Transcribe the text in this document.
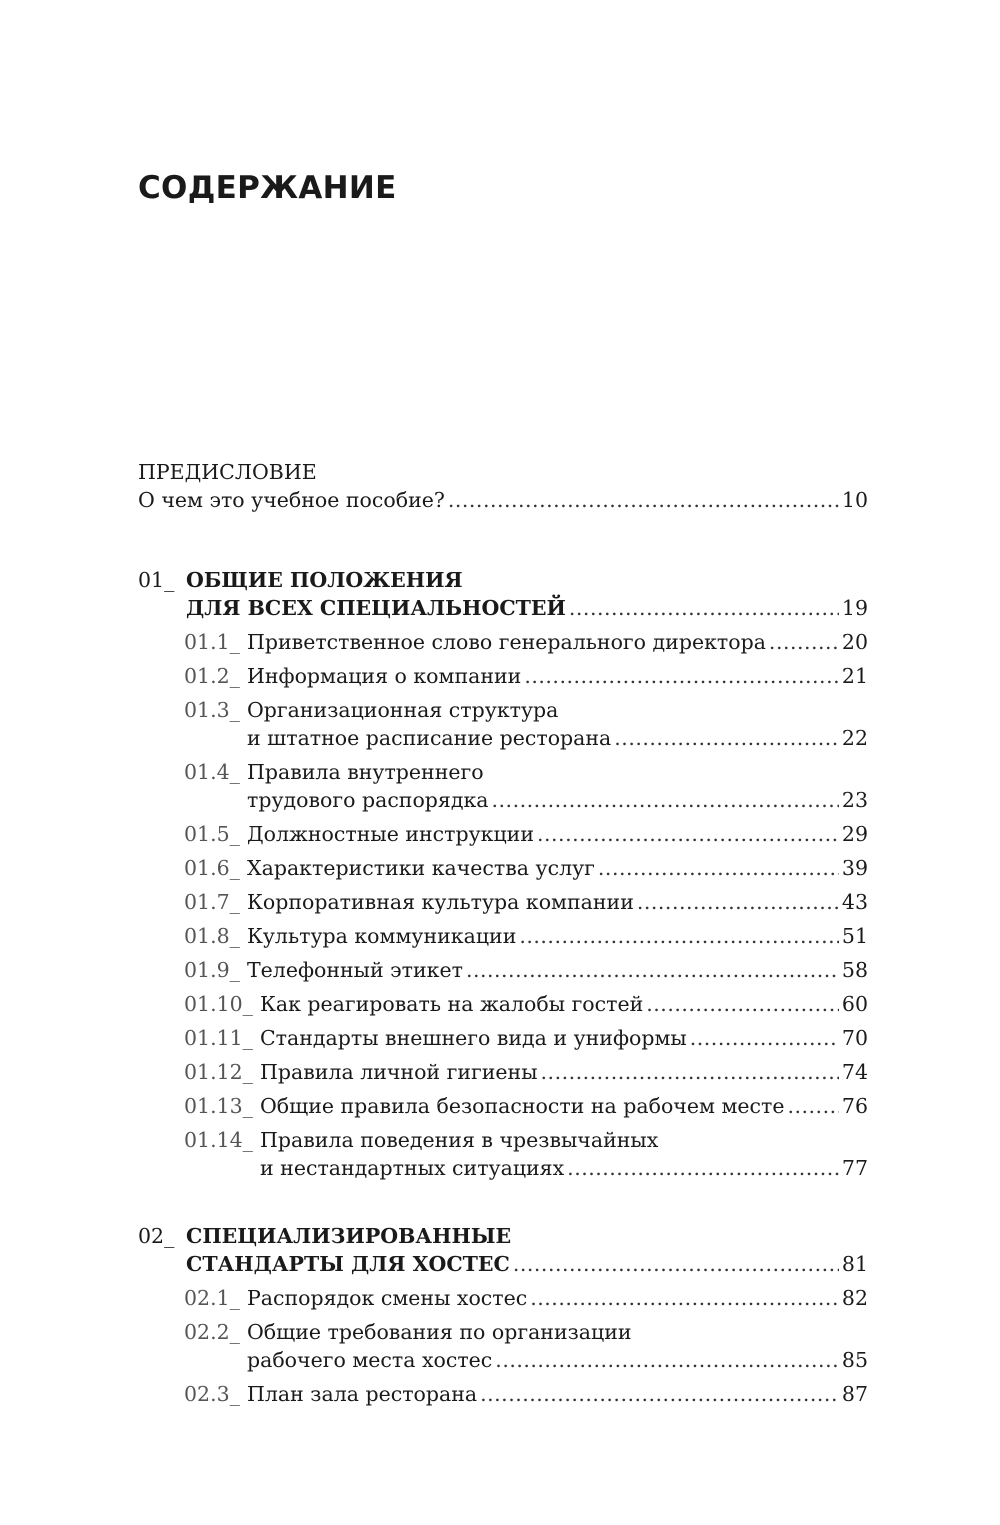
СОДЕРЖАНИЕ
ПРЕДИСЛОВИЕ
О чем это учебное пособие? .....	10
01_ ОБЩИЕ ПОЛОЖЕНИЯ
ДЛЯ ВСЕХ СПЕЦИАЛЬНОСТЕЙ .....	19
01.1_ Приветственное слово генерального директора .....	20
01.2_ Информация о компании .....	21
01.3_ Организационная структура
и штатное расписание ресторана .....	22
01.4_ Правила внутреннего
трудового распорядка .....	23
01.5_ Должностные инструкции .....	29
01.6_ Характеристики качества услуг .....	39
01.7_ Корпоративная культура компании .....	43
01.8_ Культура коммуникации .....	51
01.9_ Телефонный этикет .....	58
01.10_ Как реагировать на жалобы гостей .....	60
01.11_ Стандарты внешнего вида и униформы .....	70
01.12_ Правила личной гигиены .....	74
01.13_ Общие правила безопасности на рабочем месте .....	76
01.14_ Правила поведения в чрезвычайных
и нестандартных ситуациях .....	77
02_ СПЕЦИАЛИЗИРОВАННЫЕ
СТАНДАРТЫ ДЛЯ ХОСТЕС .....	81
02.1_ Распорядок смены хостес .....	82
02.2_ Общие требования по организации
рабочего места хостес .....	85
02.3_ План зала ресторана .....	87
